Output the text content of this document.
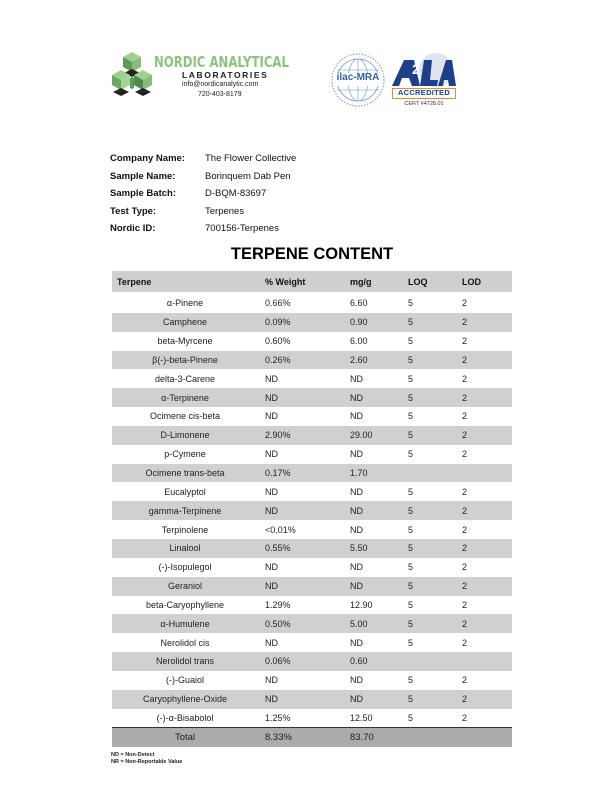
NORDIC ANALYTICAL
LABORATORIES
info@nordicanalytic.com
720-403-8179
ilac-MRA
2
ACCREDITED
CERT #4728.01
Company Name:	The Flower Collective
Sample Name:	Borinquem Dab Pen
Sample Batch:	D-BQM-83697
Test Type:	Terpenes
Nordic ID:	700156-Terpenes
TERPENE CONTENT
Terpene	% Weight	mg/g	LOQ	LOD
α-Pinene	0.66%	6.60	5	2
Camphene	0.09%	0.90	5	2
beta-Myrcene	0.60%	6.00	5	2
β(-)-beta-Pinene	0.26%	2.60	5	2
delta-3-Carene	ND	ND	5	2
α-Terpinene	ND	ND	5	2
Ocimene cis-beta	ND	ND	5	2
D-Limonene	2.90%	29.00	5	2
p-Cymene	ND	ND	5	2
Ocimene trans-beta	0.17%	1.70
Eucalyptol	ND	ND	5	2
gamma-Terpinene	ND	ND	5	2
Terpinolene	<0.01%	ND	5	2
Linalool	0.55%	5.50	5	2
(-)-Isopulegol	ND	ND	5	2
Geraniol	ND	ND	5	2
beta-Caryophyllene	1.29%	12.90	5	2
α-Humulene	0.50%	5.00	5	2
Nerolidol cis	ND	ND	5	2
Nerolidol trans	0.06%	0.60
(-)-Guaiol	ND	ND	5	2
Caryophyllene-Oxide	ND	ND	5	2
(-)-α-Bisabolol	1.25%	12.50	5	2
Total	8.33%	83.70
ND = Non-Detect
NR = Non-Reportable Value
